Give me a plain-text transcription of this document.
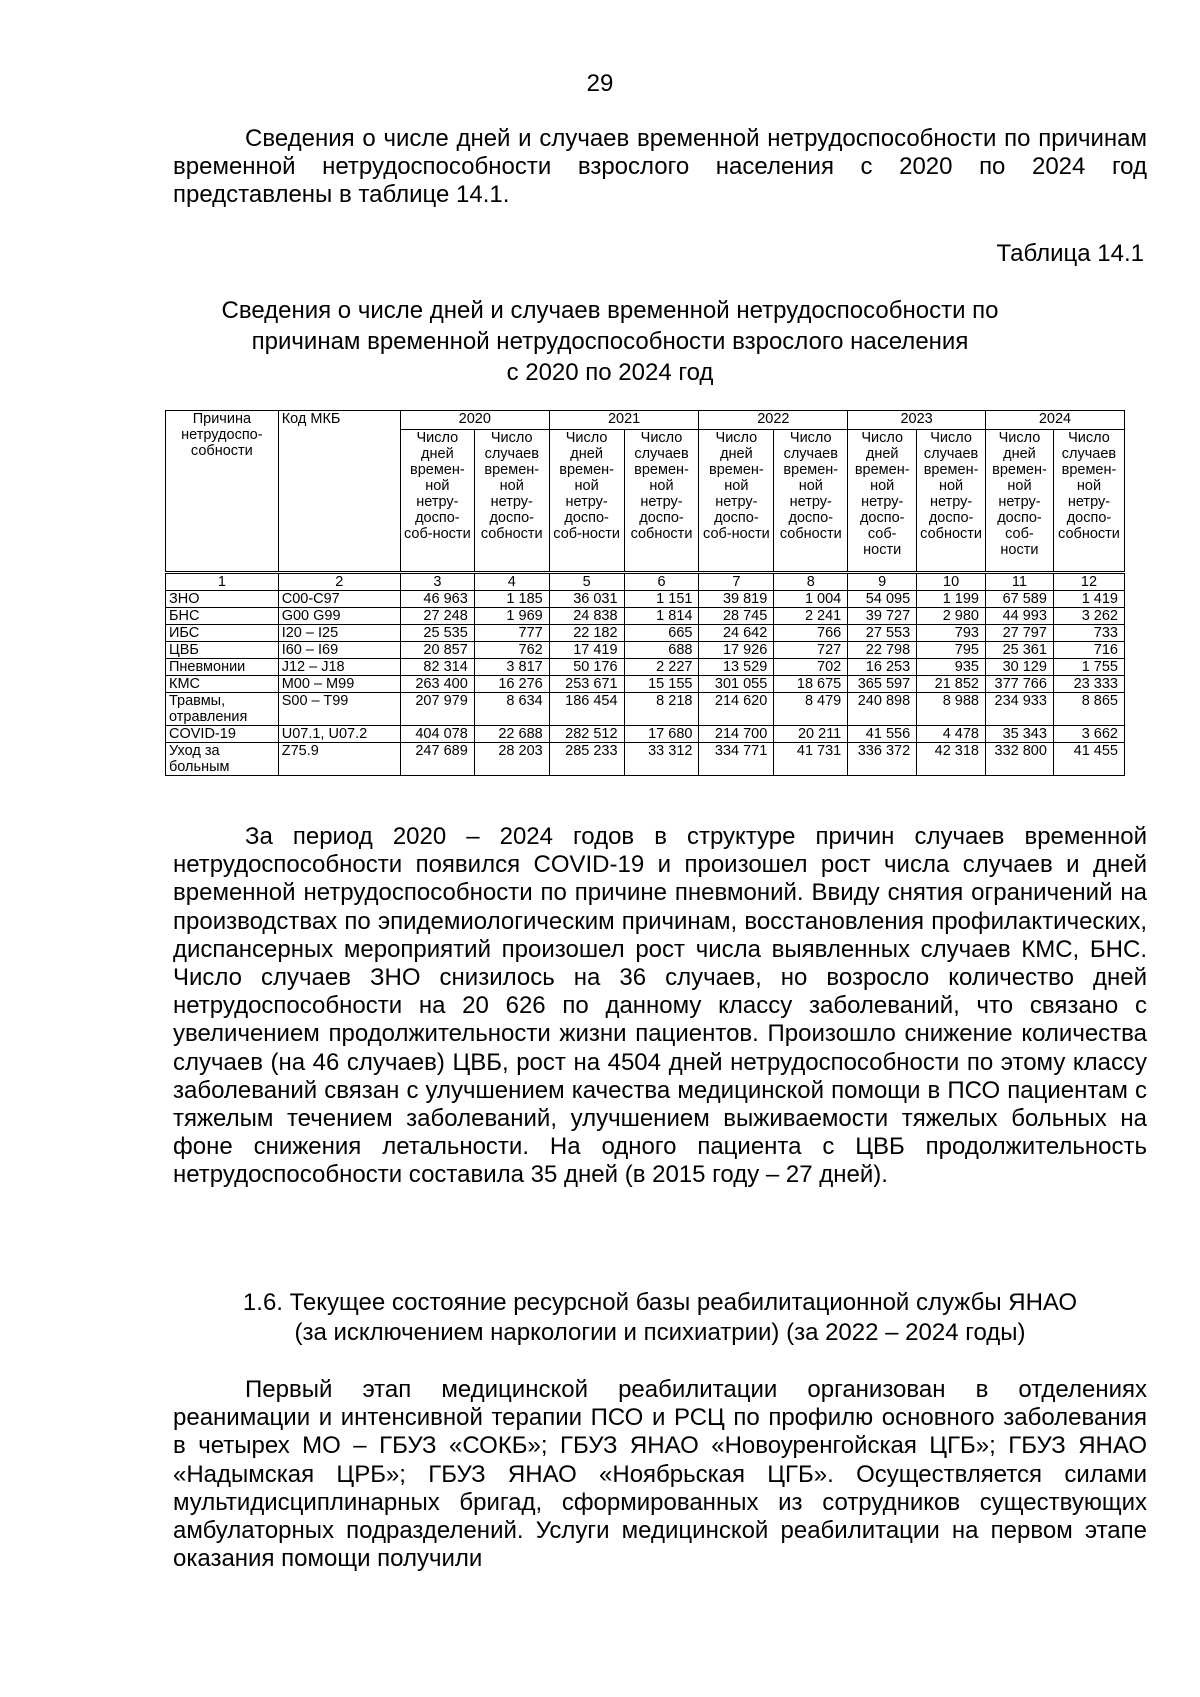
29

Сведения о числе дней и случаев временной нетрудоспособности по причинам временной нетрудоспособности взрослого населения с 2020 по 2024 год представлены в таблице 14.1.

Таблица 14.1
Сведения о числе дней и случаев временной нетрудоспособности по
причинам временной нетрудоспособности взрослого населения
с 2020 по 2024 год
Причина нетрудоспо-собности	Код МКБ	2020		2021		2022		2023		2024	
		Число дней времен-ной нетру-доспо-соб-ности	Число случаев времен-ной нетру-доспо-собности	Число дней времен-ной нетру-доспо-соб-ности	Число случаев времен-ной нетру-доспо-собности	Число дней времен-ной нетру-доспо-соб-ности	Число случаев времен-ной нетру-доспо-собности	Число дней времен-ной нетру-доспо-соб-ности	Число случаев времен-ной нетру-доспо-собности	Число дней времен-ной нетру-доспо-соб-ности	Число случаев времен-ной нетру-доспо-собности
1	2	3	4	5	6	7	8	9	10	11	12
ЗНО	C00-C97	46 963	1 185	36 031	1 151	39 819	1 004	54 095	1 199	67 589	1 419
БНС	G00 G99	27 248	1 969	24 838	1 814	28 745	2 241	39 727	2 980	44 993	3 262
ИБС	I20 – I25	25 535	777	22 182	665	24 642	766	27 553	793	27 797	733
ЦВБ	I60 – I69	20 857	762	17 419	688	17 926	727	22 798	795	25 361	716
Пневмонии	J12 – J18	82 314	3 817	50 176	2 227	13 529	702	16 253	935	30 129	1 755
КМС	M00 – M99	263 400	16 276	253 671	15 155	301 055	18 675	365 597	21 852	377 766	23 333
Травмы, отравления	S00 – T99	207 979	8 634	186 454	8 218	214 620	8 479	240 898	8 988	234 933	8 865
COVID-19	U07.1, U07.2	404 078	22 688	282 512	17 680	214 700	20 211	41 556	4 478	35 343	3 662
Уход за больным	Z75.9	247 689	28 203	285 233	33 312	334 771	41 731	336 372	42 318	332 800	41 455

За период 2020 – 2024 годов в структуре причин случаев временной нетрудоспособности появился COVID-19 и произошел рост числа случаев и дней временной нетрудоспособности по причине пневмоний. Ввиду снятия ограничений на производствах по эпидемиологическим причинам, восстановления профилактических, диспансерных мероприятий произошел рост числа выявленных случаев КМС, БНС. Число случаев ЗНО снизилось на 36 случаев, но возросло количество дней нетрудоспособности на 20 626 по данному классу заболеваний, что связано с увеличением продолжительности жизни пациентов. Произошло снижение количества случаев (на 46 случаев) ЦВБ, рост на 4504 дней нетрудоспособности по этому классу заболеваний связан с улучшением качества медицинской помощи в ПСО пациентам с тяжелым течением заболеваний, улучшением выживаемости тяжелых больных на фоне снижения летальности. На одного пациента с ЦВБ продолжительность нетрудоспособности составила 35 дней (в 2015 году – 27 дней).

1.6. Текущее состояние ресурсной базы реабилитационной службы ЯНАО
(за исключением наркологии и психиатрии) (за 2022 – 2024 годы)

Первый этап медицинской реабилитации организован в отделениях реанимации и интенсивной терапии ПСО и РСЦ по профилю основного заболевания в четырех МО – ГБУЗ «СОКБ»; ГБУЗ ЯНАО «Новоуренгойская ЦГБ»; ГБУЗ ЯНАО «Надымская ЦРБ»; ГБУЗ ЯНАО «Ноябрьская ЦГБ». Осуществляется силами мультидисциплинарных бригад, сформированных из сотрудников существующих амбулаторных подразделений. Услуги медицинской реабилитации на первом этапе оказания помощи получили
